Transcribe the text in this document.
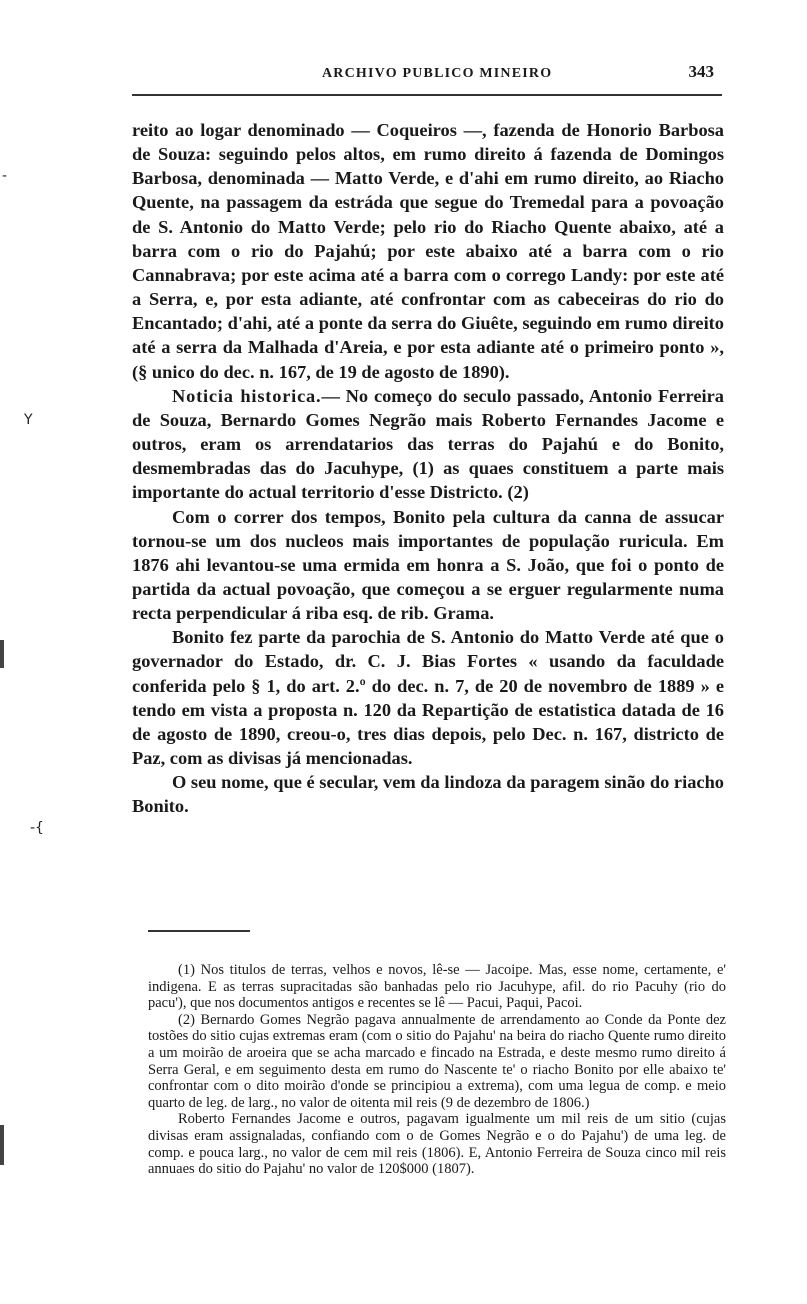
ARCHIVO PUBLICO MINEIRO	343

reito ao logar denominado — Coqueiros —, fazenda de Honorio Barbosa de Souza: seguindo pelos altos, em rumo direito á fazenda de Domingos Barbosa, denominada — Matto Verde, e d'ahi em rumo direito, ao Riacho Quente, na passagem da estráda que segue do Tremedal para a povoação de S. Antonio do Matto Verde; pelo rio do Riacho Quente abaixo, até a barra com o rio do Pajahú; por este abaixo até a barra com o rio Cannabrava; por este acima até a barra com o corrego Landy: por este até a Serra, e, por esta adiante, até confrontar com as cabeceiras do rio do Encantado; d'ahi, até a ponte da serra do Giuête, seguindo em rumo direito até a serra da Malhada d'Areia, e por esta adiante até o primeiro ponto », (§ unico do dec. n. 167, de 19 de agosto de 1890).

Noticia historica.— No começo do seculo passado, Antonio Ferreira de Souza, Bernardo Gomes Negrão mais Roberto Fernandes Jacome e outros, eram os arrendatarios das terras do Pajahú e do Bonito, desmembradas das do Jacuhype, (1) as quaes constituem a parte mais importante do actual territorio d'esse Districto. (2)

Com o correr dos tempos, Bonito pela cultura da canna de assucar tornou-se um dos nucleos mais importantes de população ruricula. Em 1876 ahi levantou-se uma ermida em honra a S. João, que foi o ponto de partida da actual povoação, que começou a se erguer regularmente numa recta perpendicular á riba esq. de rib. Grama.

Bonito fez parte da parochia de S. Antonio do Matto Verde até que o governador do Estado, dr. C. J. Bias Fortes « usando da faculdade conferida pelo § 1, do art. 2.º do dec. n. 7, de 20 de novembro de 1889 » e tendo em vista a proposta n. 120 da Repartição de estatistica datada de 16 de agosto de 1890, creou-o, tres dias depois, pelo Dec. n. 167, districto de Paz, com as divisas já mencionadas.

O seu nome, que é secular, vem da lindoza da paragem sinão do riacho Bonito.

(1) Nos titulos de terras, velhos e novos, lê-se — Jacoipe. Mas, esse nome, certamente, e' indigena. E as terras supracitadas são banhadas pelo rio Jacuhype, afil. do rio Pacuhy (rio do pacu'), que nos documentos antigos e recentes se lê — Pacui, Paqui, Pacoi.

(2) Bernardo Gomes Negrão pagava annualmente de arrendamento ao Conde da Ponte dez tostões do sitio cujas extremas eram (com o sitio do Pajahu' na beira do riacho Quente rumo direito a um moirão de aroeira que se acha marcado e fincado na Estrada, e deste mesmo rumo direito á Serra Geral, e em seguimento desta em rumo do Nascente te' o riacho Bonito por elle abaixo te' confrontar com o dito moirão d'onde se principiou a extrema), com uma legua de comp. e meio quarto de leg. de larg., no valor de oitenta mil reis (9 de dezembro de 1806.)

Roberto Fernandes Jacome e outros, pagavam igualmente um mil reis de um sitio (cujas divisas eram assignaladas, confiando com o de Gomes Negrão e o do Pajahu') de uma leg. de comp. e pouca larg., no valor de cem mil reis (1806). E, Antonio Ferreira de Souza cinco mil reis annuaes do sitio do Pajahu' no valor de 120$000 (1807).

-
Y
-{
